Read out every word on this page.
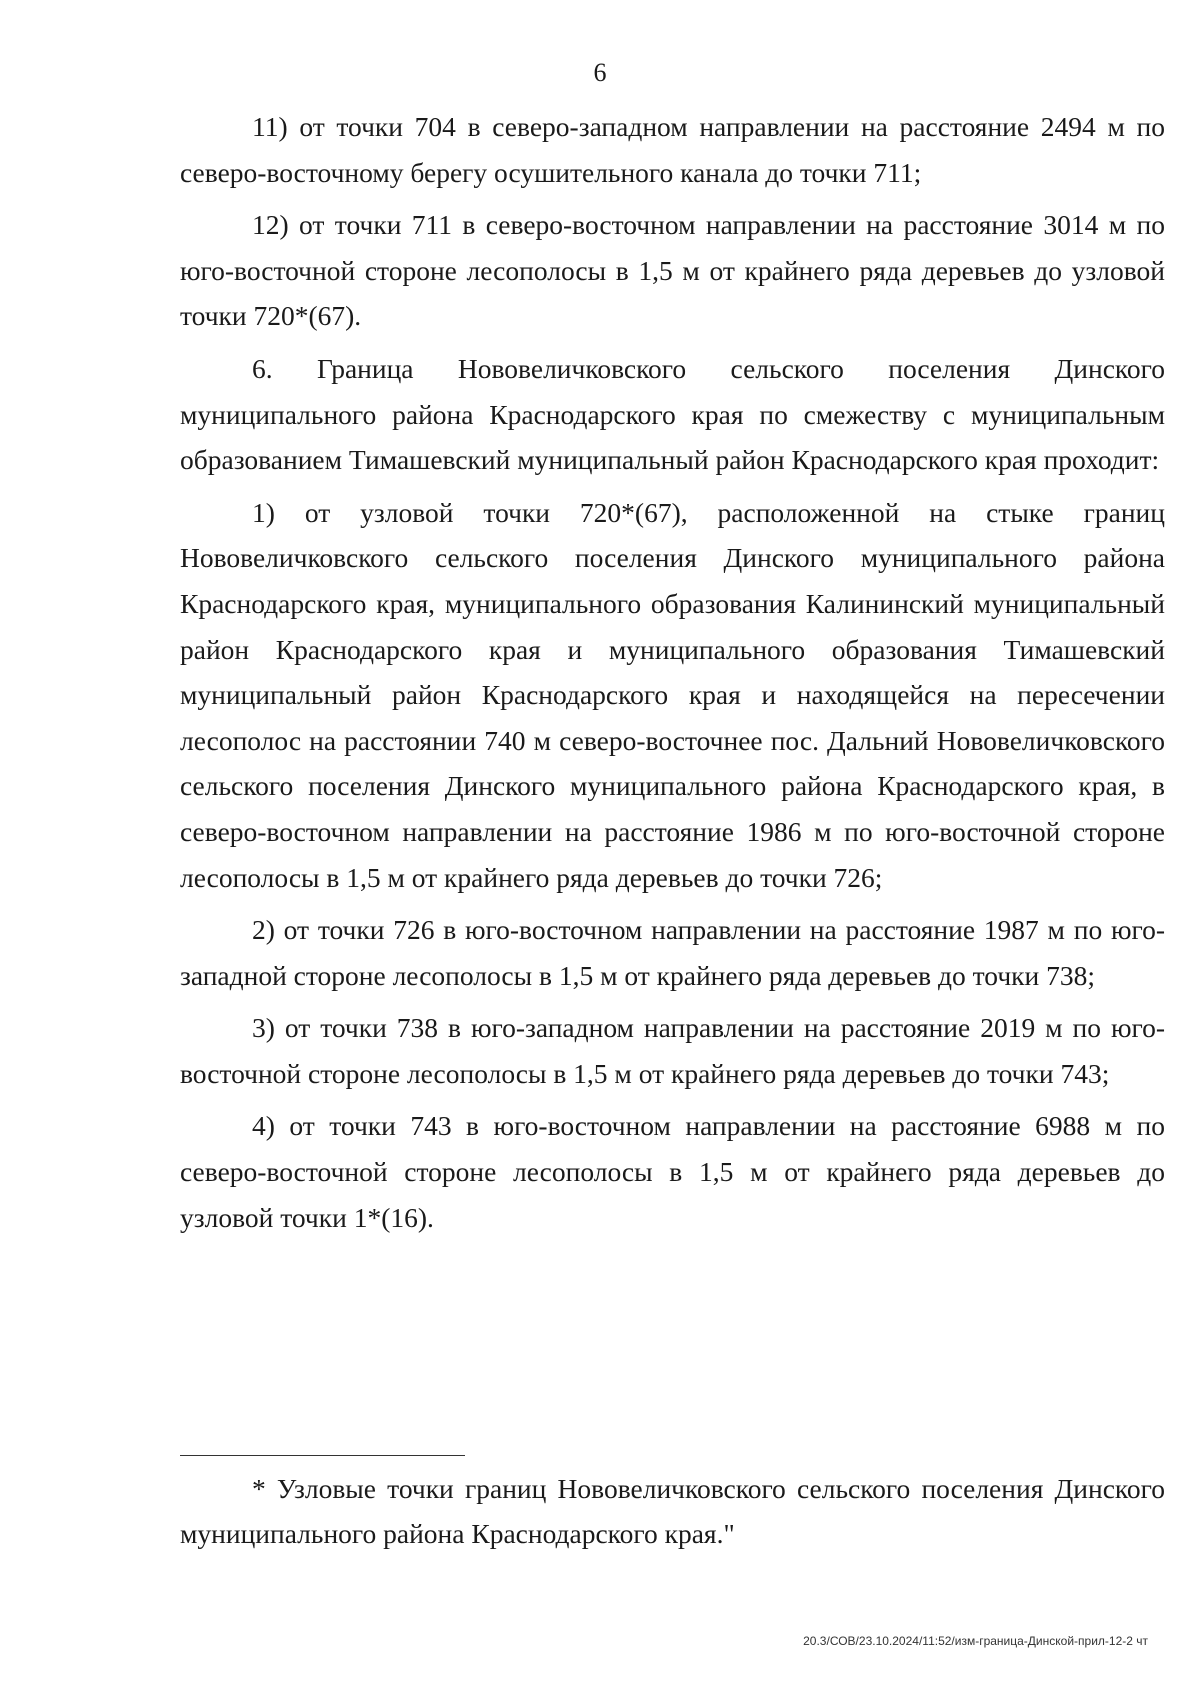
6

11) от точки 704 в северо-западном направлении на расстояние 2494 м по северо-восточному берегу осушительного канала до точки 711;

12) от точки 711 в северо-восточном направлении на расстояние 3014 м по юго-восточной стороне лесополосы в 1,5 м от крайнего ряда деревьев до узловой точки 720*(67).

6. Граница Нововеличковского сельского поселения Динского муниципального района Краснодарского края по смежеству с муниципальным образованием Тимашевский муниципальный район Краснодарского края проходит:

1) от узловой точки 720*(67), расположенной на стыке границ Нововеличковского сельского поселения Динского муниципального района Краснодарского края, муниципального образования Калининский муниципальный район Краснодарского края и муниципального образования Тимашевский муниципальный район Краснодарского края и находящейся на пересечении лесополос на расстоянии 740 м северо-восточнее пос. Дальний Нововеличковского сельского поселения Динского муниципального района Краснодарского края, в северо-восточном направлении на расстояние 1986 м по юго-восточной стороне лесополосы в 1,5 м от крайнего ряда деревьев до точки 726;

2) от точки 726 в юго-восточном направлении на расстояние 1987 м по юго-западной стороне лесополосы в 1,5 м от крайнего ряда деревьев до точки 738;

3) от точки 738 в юго-западном направлении на расстояние 2019 м по юго-восточной стороне лесополосы в 1,5 м от крайнего ряда деревьев до точки 743;

4) от точки 743 в юго-восточном направлении на расстояние 6988 м по северо-восточной стороне лесополосы в 1,5 м от крайнего ряда деревьев до узловой точки 1*(16).

* Узловые точки границ Нововеличковского сельского поселения Динского муниципального района Краснодарского края."

20.3/СОВ/23.10.2024/11:52/изм-граница-Динской-прил-12-2 чт
